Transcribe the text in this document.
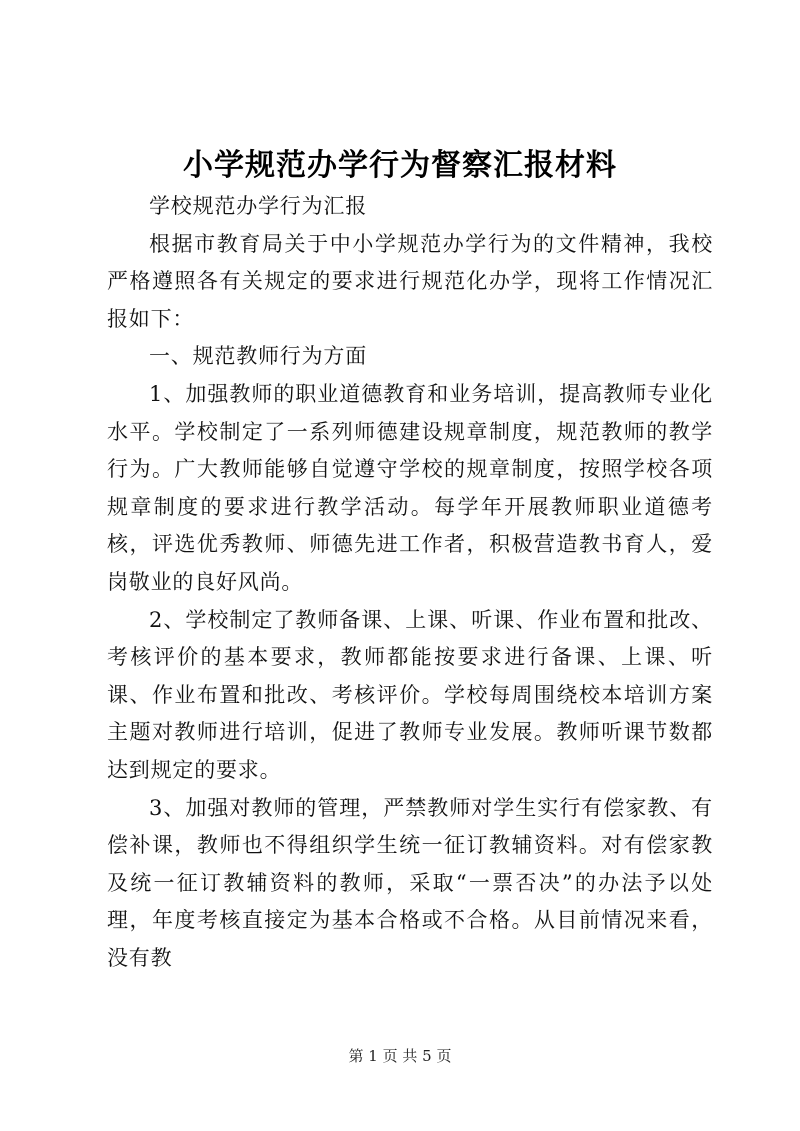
小学规范办学行为督察汇报材料

学校规范办学行为汇报

根据市教育局关于中小学规范办学行为的文件精神，我校严格遵照各有关规定的要求进行规范化办学，现将工作情况汇报如下：

一、规范教师行为方面

1、加强教师的职业道德教育和业务培训，提高教师专业化水平。学校制定了一系列师德建设规章制度，规范教师的教学行为。广大教师能够自觉遵守学校的规章制度，按照学校各项规章制度的要求进行教学活动。每学年开展教师职业道德考核，评选优秀教师、师德先进工作者，积极营造教书育人，爱岗敬业的良好风尚。

2、学校制定了教师备课、上课、听课、作业布置和批改、考核评价的基本要求，教师都能按要求进行备课、上课、听课、作业布置和批改、考核评价。学校每周围绕校本培训方案主题对教师进行培训，促进了教师专业发展。教师听课节数都达到规定的要求。

3、加强对教师的管理，严禁教师对学生实行有偿家教、有偿补课，教师也不得组织学生统一征订教辅资料。对有偿家教及统一征订教辅资料的教师，采取“一票否决”的办法予以处理，年度考核直接定为基本合格或不合格。从目前情况来看，没有教

第 1 页 共 5 页
